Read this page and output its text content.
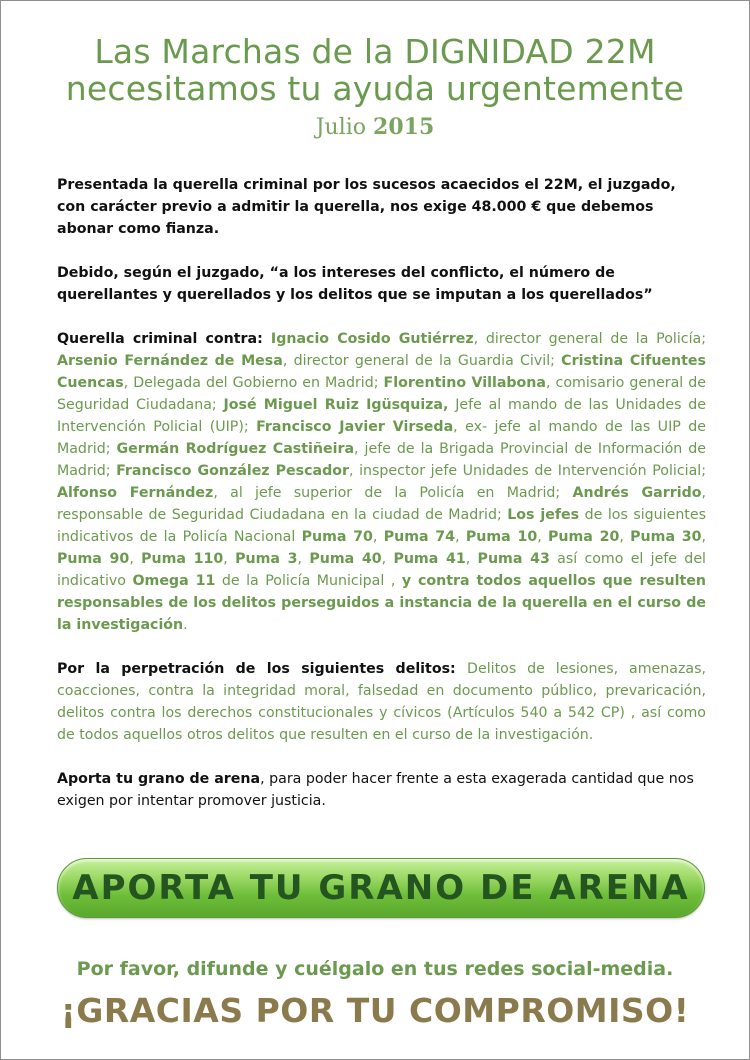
Las Marchas de la DIGNIDAD 22M
necesitamos tu ayuda urgentemente
Julio 2015

Presentada la querella criminal por los sucesos acaecidos el 22M, el juzgado, con carácter previo a admitir la querella, nos exige 48.000 € que debemos abonar como fianza.

Debido, según el juzgado, “a los intereses del conflicto, el número de querellantes y querellados y los delitos que se imputan a los querellados”

Querella criminal contra: Ignacio Cosido Gutiérrez, director general de la Policía; Arsenio Fernández de Mesa, director general de la Guardia Civil; Cristina Cifuentes Cuencas, Delegada del Gobierno en Madrid; Florentino Villabona, comisario general de Seguridad Ciudadana; José Miguel Ruiz Igüsquiza, Jefe al mando de las Unidades de Intervención Policial (UIP); Francisco Javier Virseda, ex- jefe al mando de las UIP de Madrid; Germán Rodríguez Castiñeira, jefe de la Brigada Provincial de Información de Madrid; Francisco González Pescador, inspector jefe Unidades de Intervención Policial; Alfonso Fernández, al jefe superior de la Policía en Madrid; Andrés Garrido, responsable de Seguridad Ciudadana en la ciudad de Madrid; Los jefes de los siguientes indicativos de la Policía Nacional Puma 70, Puma 74, Puma 10, Puma 20, Puma 30, Puma 90, Puma 110, Puma 3, Puma 40, Puma 41, Puma 43 así como el jefe del indicativo Omega 11 de la Policía Municipal , y contra todos aquellos que resulten responsables de los delitos perseguidos a instancia de la querella en el curso de la investigación.

Por la perpetración de los siguientes delitos: Delitos de lesiones, amenazas, coacciones, contra la integridad moral, falsedad en documento público, prevaricación, delitos contra los derechos constitucionales y cívicos (Artículos 540 a 542 CP) , así como de todos aquellos otros delitos que resulten en el curso de la investigación.

Aporta tu grano de arena, para poder hacer frente a esta exagerada cantidad que nos exigen por intentar promover justicia.

APORTA TU GRANO DE ARENA
Por favor, difunde y cuélgalo en tus redes social-media.
¡GRACIAS POR TU COMPROMISO!
